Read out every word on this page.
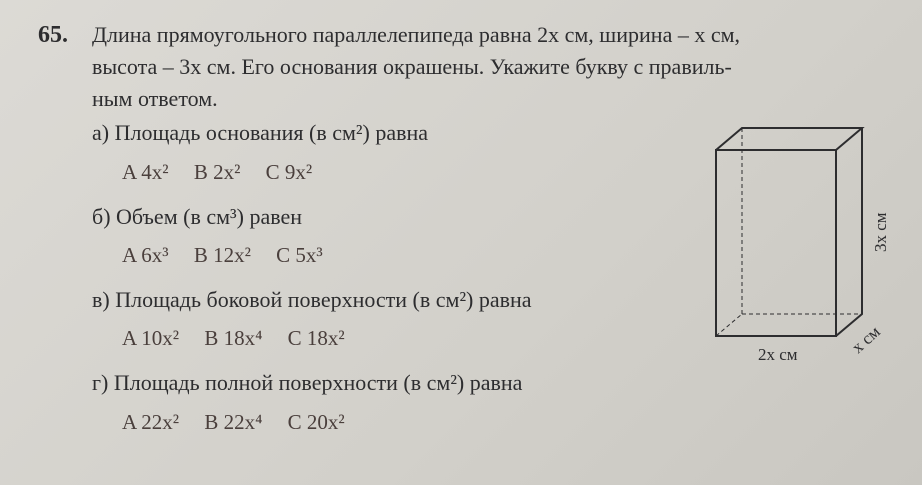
65. Длина прямоугольного параллелепипеда равна 2x см, ширина – x см,
высота – 3x см. Его основания окрашены. Укажите букву с правиль-
ным ответом.
а) Площадь основания (в см²) равна
A 4x² B 2x² C 9x²
б) Объем (в см³) равен
A 6x³ B 12x² C 5x³
в) Площадь боковой поверхности (в см²) равна
A 10x² B 18x⁴ C 18x²
г) Площадь полной поверхности (в см²) равна
A 22x² B 22x⁴ C 20x²
2x см
3x см
x см
